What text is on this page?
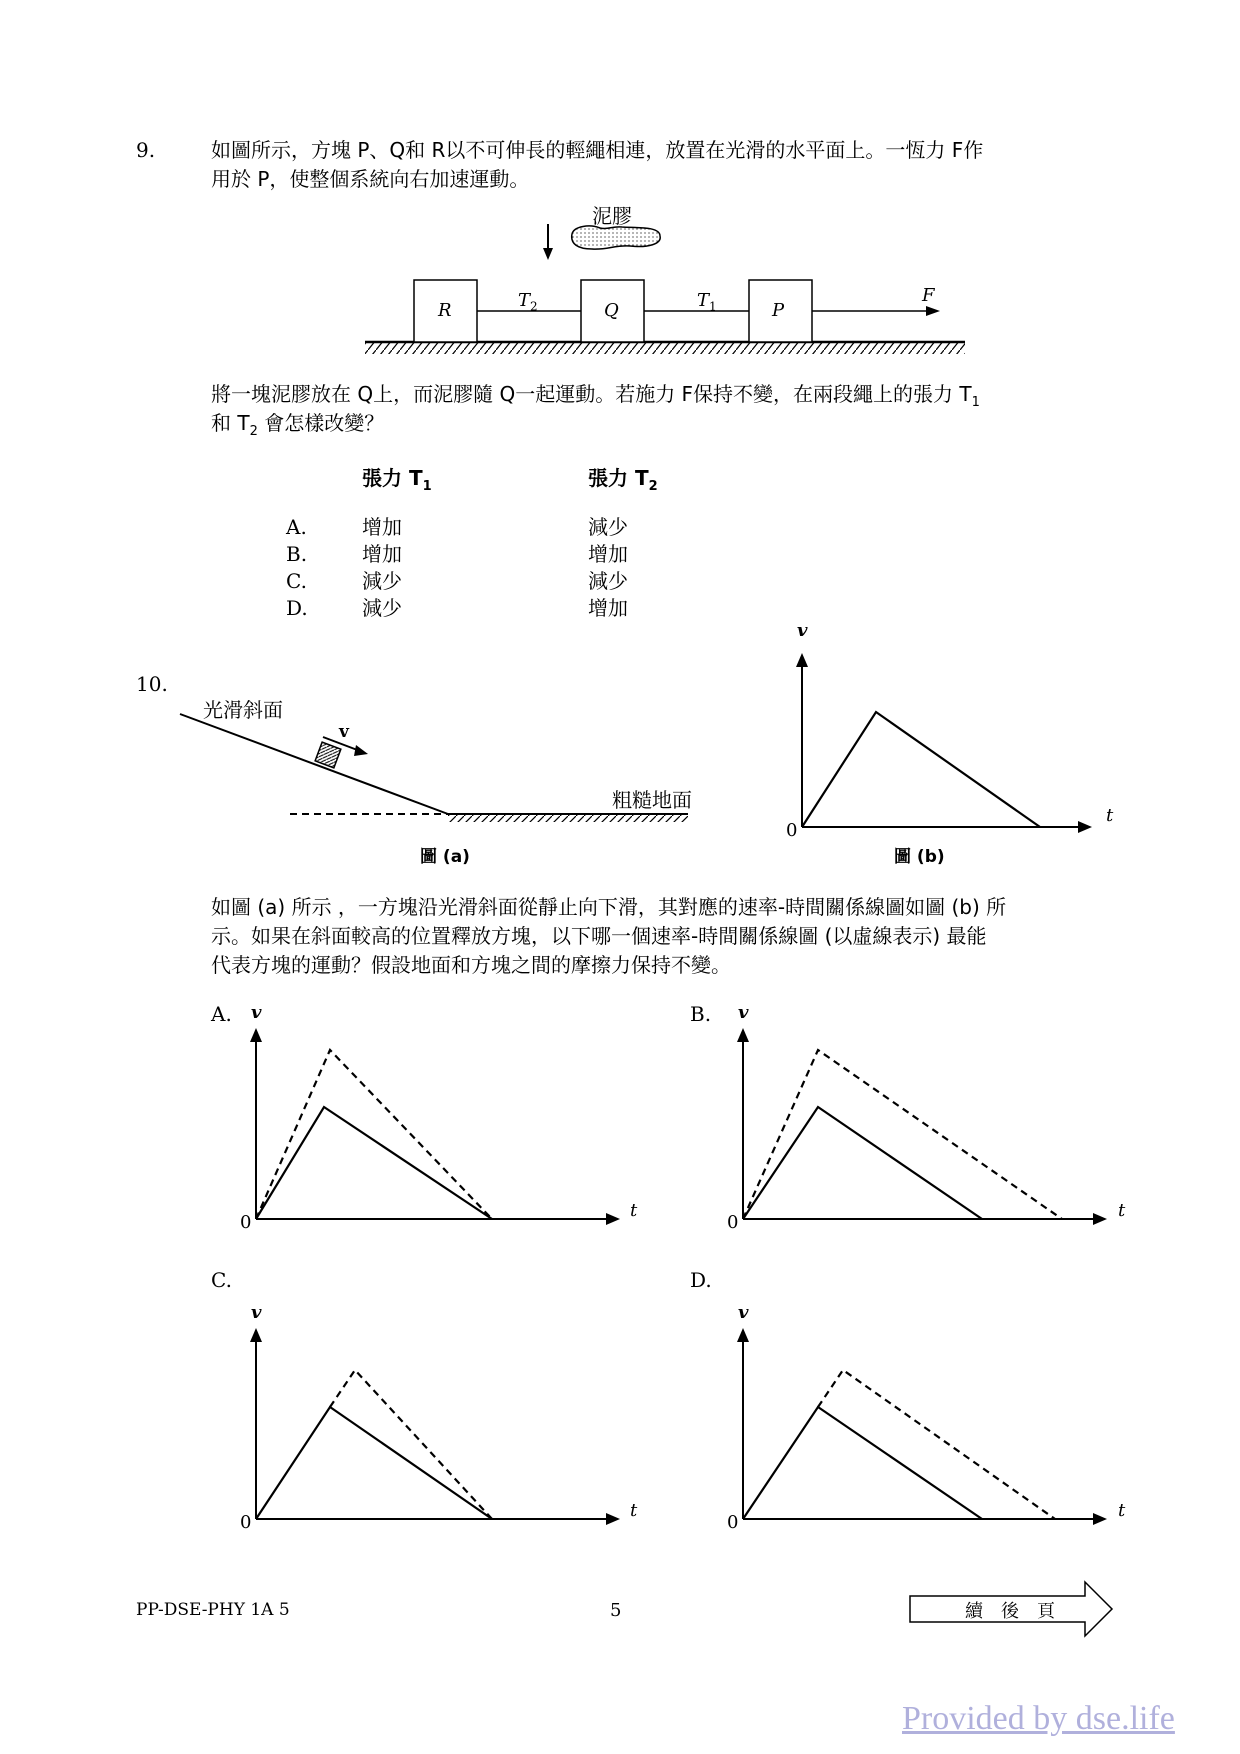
9.	如圖所示，方塊 P、Q和 R以不可伸長的輕繩相連，放置在光滑的水平面上。一恆力 F作
用於 P，使整個系統向右加速運動。
泥膠
R	Q	P
$T_2$	$T_1$
F
將一塊泥膠放在 Q上，而泥膠隨 Q一起運動。若施力 F保持不變，在兩段繩上的張力 $T_1$
和 $T_2$ 會怎樣改變？
張力 $T_1$	張力 $T_2$
A.	增加	減少
B.	增加	增加
C.	減少	減少
D.	減少	增加
10.
光滑斜面
v
粗糙地面
圖 (a)
v
t
0
圖 (b)
如圖 (a) 所示 ，一方塊沿光滑斜面從靜止向下滑，其對應的速率-時間關係線圖如圖 (b) 所
示。如果在斜面較高的位置釋放方塊，以下哪一個速率-時間關係線圖 (以虛線表示) 最能
代表方塊的運動？假設地面和方塊之間的摩擦力保持不變。
A. v
t
0
B. v
t
0
C.
v
t
0
D.
v
t
0
PP-DSE-PHY 1A 5	5	續　後　頁
Provided by dse.life
